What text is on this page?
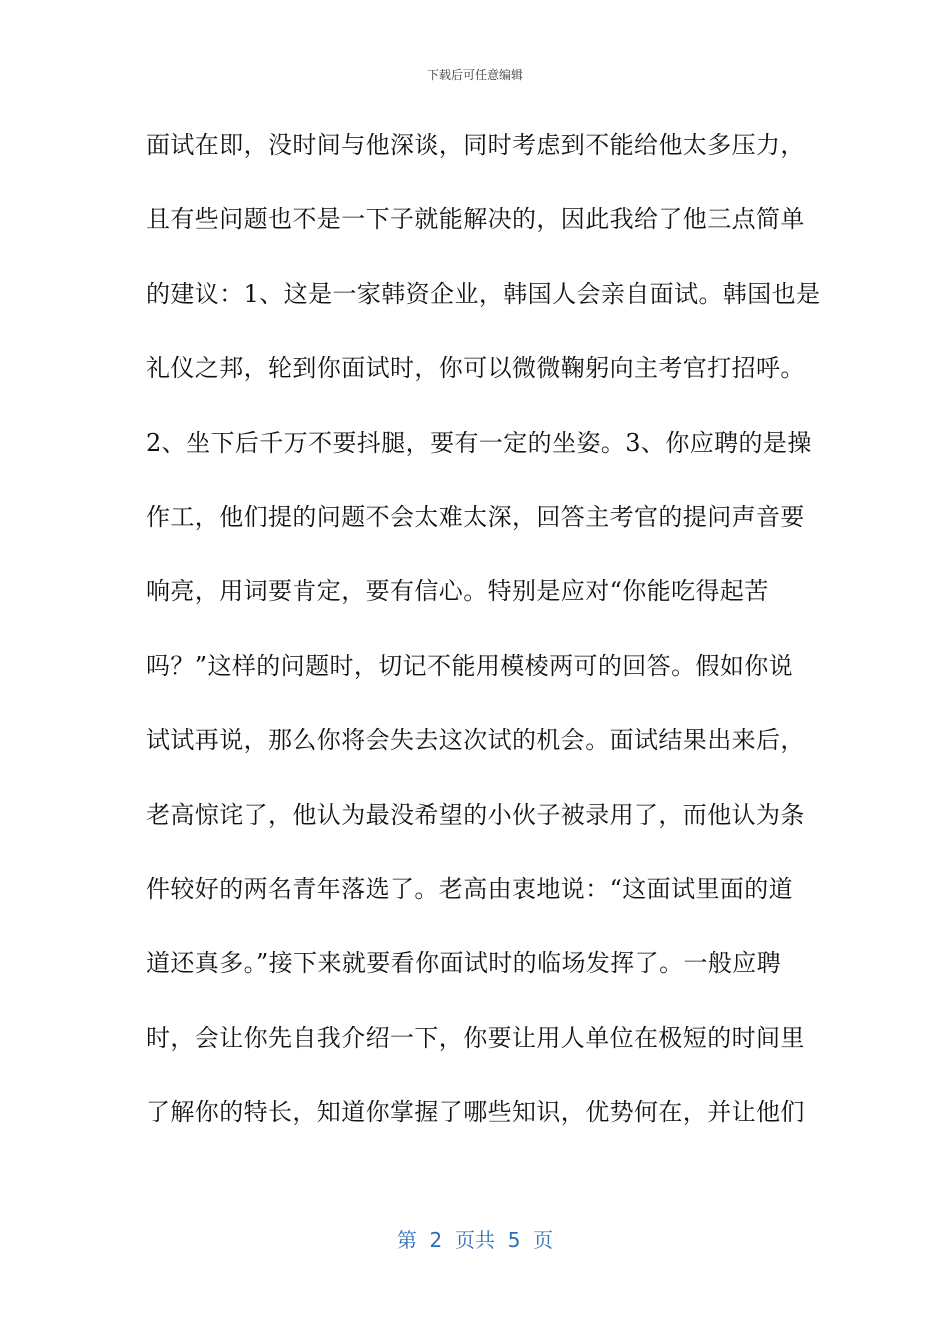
下载后可任意编辑
面试在即，没时间与他深谈，同时考虑到不能给他太多压力，
且有些问题也不是一下子就能解决的，因此我给了他三点简单
的建议：1、这是一家韩资企业，韩国人会亲自面试。韩国也是
礼仪之邦，轮到你面试时，你可以微微鞠躬向主考官打招呼。
2、坐下后千万不要抖腿，要有一定的坐姿。3、你应聘的是操
作工，他们提的问题不会太难太深，回答主考官的提问声音要
响亮，用词要肯定，要有信心。特别是应对“你能吃得起苦
吗？”这样的问题时，切记不能用模棱两可的回答。假如你说
试试再说，那么你将会失去这次试的机会。面试结果出来后，
老高惊诧了，他认为最没希望的小伙子被录用了，而他认为条
件较好的两名青年落选了。老高由衷地说：“这面试里面的道
道还真多。”接下来就要看你面试时的临场发挥了。一般应聘
时，会让你先自我介绍一下，你要让用人单位在极短的时间里
了解你的特长，知道你掌握了哪些知识，优势何在，并让他们
第  2  页共  5  页
